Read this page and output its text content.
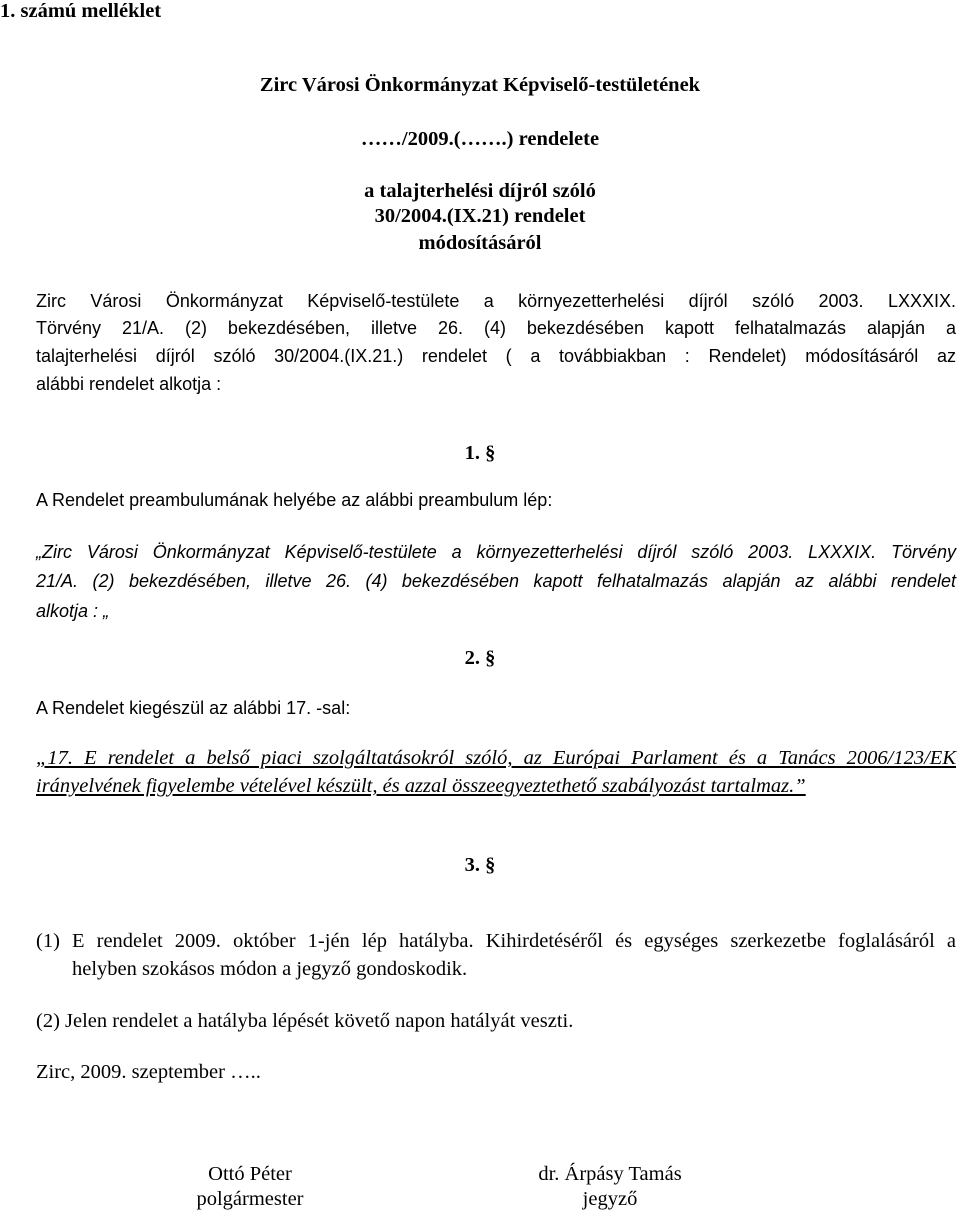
1. számú melléklet
Zirc Városi Önkormányzat Képviselő-testületének
……/2009.(…….) rendelete
a talajterhelési díjról szóló
30/2004.(IX.21) rendelet
módosításáról
Zirc Városi Önkormányzat Képviselő-testülete a környezetterhelési díjról szóló 2003. LXXXIX.
Törvény 21/A. (2) bekezdésében, illetve 26. (4) bekezdésében kapott felhatalmazás alapján a
talajterhelési díjról szóló 30/2004.(IX.21.) rendelet ( a továbbiakban : Rendelet) módosításáról az
alábbi rendelet alkotja :
1. §
A Rendelet preambulumának helyébe az alábbi preambulum lép:
„Zirc Városi Önkormányzat Képviselő-testülete a környezetterhelési díjról szóló 2003. LXXXIX. Törvény
21/A. (2) bekezdésében, illetve 26. (4) bekezdésében kapott felhatalmazás alapján az alábbi rendelet
alkotja : „
2. §
A Rendelet kiegészül az alábbi 17. -sal:
„17. E rendelet a belső piaci szolgáltatásokról szóló, az Európai Parlament és a Tanács 2006/123/EK
irányelvének figyelembe vételével készült, és azzal összeegyeztethető szabályozást tartalmaz.”
3. §
(1) E rendelet 2009. október 1-jén lép hatályba. Kihirdetéséről és egységes szerkezetbe foglalásáról a
helyben szokásos módon a jegyző gondoskodik.
(2) Jelen rendelet a hatályba lépését követő napon hatályát veszti.
Zirc, 2009. szeptember …..
Ottó Péter
polgármester
dr. Árpásy Tamás
jegyző
